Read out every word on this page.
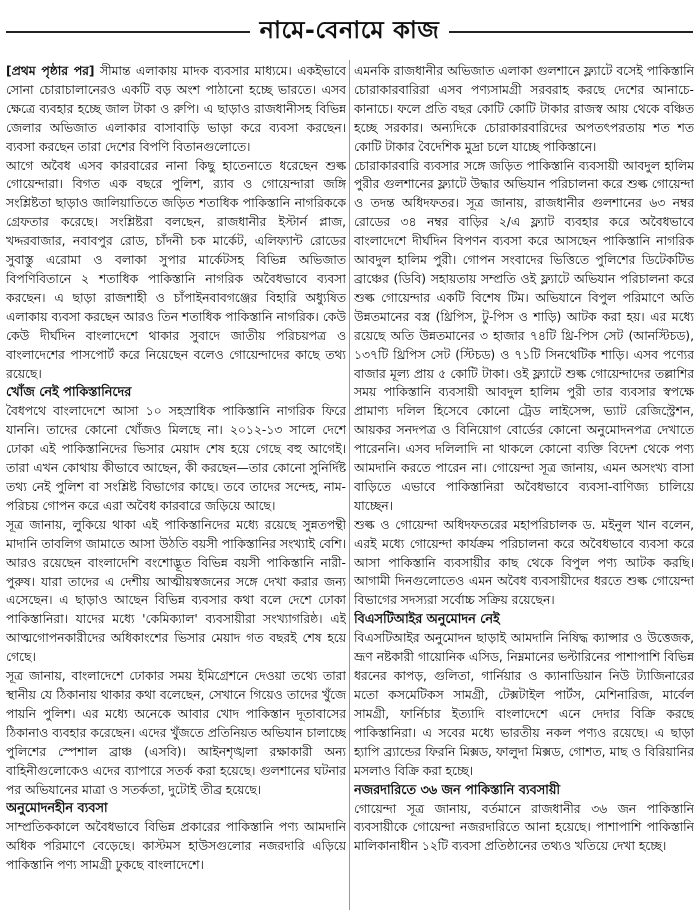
নামে-বেনামে কাজ

[প্রথম পৃষ্ঠার পর] সীমান্ত এলাকায় মাদক ব্যবসার মাধ্যমে। একইভাবে সোনা চোরাচালানেরও একটি বড় অংশ পাঠানো হচ্ছে ভারতে। এসব ক্ষেত্রে ব্যবহার হচ্ছে জাল টাকা ও রুপি। এ ছাড়াও রাজধানীসহ বিভিন্ন জেলার অভিজাত এলাকার বাসাবাড়ি ভাড়া করে ব্যবসা করছেন। ব্যবসা করছেন তারা দেশের বিপণি বিতানগুলোতে।

আগে অবৈধ এসব কারবারের নানা কিছু হাতেনাতে ধরেছেন শুল্ক গোয়েন্দারা। বিগত এক বছরে পুলিশ, র‌্যাব ও গোয়েন্দারা জঙ্গি সংশ্লিষ্টতা ছাড়াও জালিয়াতিতে জড়িত শতাধিক পাকিস্তানি নাগরিককে গ্রেফতার করেছে। সংশ্লিষ্টরা বলছেন, রাজধানীর ইস্টার্ন প্লাজ, খদ্দরবাজার, নবাবপুর রোড, চাঁদনী চক মার্কেট, এলিফ্যান্ট রোডের সুবাস্তু এরোমা ও বলাকা সুপার মার্কেটসহ বিভিন্ন অভিজাত বিপণিবিতানে ২ শতাধিক পাকিস্তানি নাগরিক অবৈধভাবে ব্যবসা করছেন। এ ছাড়া রাজশাহী ও চাঁপাইনবাবগঞ্জের বিহারি অধ্যুষিত এলাকায় ব্যবসা করছেন আরও তিন শতাধিক পাকিস্তানি নাগরিক। কেউ কেউ দীর্ঘদিন বাংলাদেশে থাকার সুবাদে জাতীয় পরিচয়পত্র ও বাংলাদেশের পাসপোর্ট করে নিয়েছেন বলেও গোয়েন্দাদের কাছে তথ্য রয়েছে।

খোঁজ নেই পাকিস্তানিদের

বৈধপথে বাংলাদেশে আসা ১০ সহস্রাধিক পাকিস্তানি নাগরিক ফিরে যাননি। তাদের কোনো খোঁজও মিলছে না। ২০১২-১৩ সালে দেশে ঢোকা এই পাকিস্তানিদের ভিসার মেয়াদ শেষ হয়ে গেছে বহু আগেই। তারা এখন কোথায় কীভাবে আছেন, কী করছেন—তার কোনো সুনির্দিষ্ট তথ্য নেই পুলিশ বা সংশ্লিষ্ট বিভাগের কাছে। তবে তাদের সন্দেহ, নাম-পরিচয় গোপন করে এরা অবৈধ কারবারে জড়িয়ে আছে।

সূত্র জানায়, লুকিয়ে থাকা এই পাকিস্তানিদের মধ্যে রয়েছে সুন্নতপন্থী মাদানি তাবলিগ জামাতে আসা উঠতি বয়সী পাকিস্তানির সংখ্যাই বেশি। আরও রয়েছেন বাংলাদেশি বংশোদ্ভূত বিভিন্ন বয়সী পাকিস্তানি নারী-পুরুষ। যারা তাদের এ দেশীয় আত্মীয়স্বজনের সঙ্গে দেখা করার জন্য এসেছেন। এ ছাড়াও আছেন বিভিন্ন ব্যবসার কথা বলে দেশে ঢোকা পাকিস্তানিরা। যাদের মধ্যে 'কেমিক্যাল' ব্যবসায়ীরা সংখ্যাগরিষ্ঠ। এই আত্মগোপনকারীদের অধিকাংশের ভিসার মেয়াদ গত বছরই শেষ হয়ে গেছে।

সূত্র জানায়, বাংলাদেশে ঢোকার সময় ইমিগ্রেশনে দেওয়া তথ্যে তারা স্থানীয় যে ঠিকানায় থাকার কথা বলেছেন, সেখানে গিয়েও তাদের খুঁজে পায়নি পুলিশ। এর মধ্যে অনেকে আবার খোদ পাকিস্তান দূতাবাসের ঠিকানাও ব্যবহার করেছেন। এদের খুঁজতে প্রতিনিয়ত অভিযান চালাচ্ছে পুলিশের স্পেশাল ব্রাঞ্চ (এসবি)। আইনশৃঙ্খলা রক্ষাকারী অন্য বাহিনীগুলোকেও এদের ব্যাপারে সতর্ক করা হয়েছে। গুলশানের ঘটনার পর অভিযানের মাত্রা ও সতর্কতা, দুটোই তীব্র হয়েছে।

অনুমোদনহীন ব্যবসা

সাম্প্রতিককালে অবৈধভাবে বিভিন্ন প্রকারের পাকিস্তানি পণ্য আমদানি অধিক পরিমাণে বেড়েছে। কাস্টমস হাউসগুলোর নজরদারি এড়িয়ে পাকিস্তানি পণ্য সামগ্রী ঢুকছে বাংলাদেশে।

এমনকি রাজধানীর অভিজাত এলাকা গুলশানে ফ্ল্যাটে বসেই পাকিস্তানি চোরাকারবারিরা এসব পণ্যসামগ্রী সরবরাহ করছে দেশের আনাচে-কানাচে। ফলে প্রতি বছর কোটি কোটি টাকার রাজস্ব আয় থেকে বঞ্চিত হচ্ছে সরকার। অন্যদিকে চোরাকারবারিদের অপতৎপরতায় শত শত কোটি টাকার বৈদেশিক মুদ্রা চলে যাচ্ছে পাকিস্তানে।

চোরাকারবারি ব্যবসার সঙ্গে জড়িত পাকিস্তানি ব্যবসায়ী আবদুল হালিম পুরীর গুলশানের ফ্ল্যাটে উদ্ধার অভিযান পরিচালনা করে শুল্ক গোয়েন্দা ও তদন্ত অধিদফতর। সূত্র জানায়, রাজধানীর গুলশানের ৬৩ নম্বর রোডের ৩৪ নম্বর বাড়ির ২/এ ফ্ল্যাট ব্যবহার করে অবৈধভাবে বাংলাদেশে দীর্ঘদিন বিপণন ব্যবসা করে আসছেন পাকিস্তানি নাগরিক আবদুল হালিম পুরী। গোপন সংবাদের ভিত্তিতে পুলিশের ডিটেকটিভ ব্রাঞ্চের (ডিবি) সহায়তায় সম্প্রতি ওই ফ্ল্যাটে অভিযান পরিচালনা করে শুল্ক গোয়েন্দার একটি বিশেষ টিম। অভিযানে বিপুল পরিমাণে অতি উন্নতমানের বস্ত্র (থ্রিপিস, টু-পিস ও শাড়ি) আটক করা হয়। এর মধ্যে রয়েছে অতি উন্নতমানের ৩ হাজার ৭৪টি থ্রি-পিস সেট (আনস্টিচড), ১৩৭টি থ্রিপিস সেট (স্টিচড) ও ৭১টি সিনথেটিক শাড়ি। এসব পণ্যের বাজার মূল্য প্রায় ৫ কোটি টাকা। ওই ফ্ল্যাটে শুল্ক গোয়েন্দাদের তল্লাশির সময় পাকিস্তানি ব্যবসায়ী আবদুল হালিম পুরী তার ব্যবসার স্বপক্ষে প্রামাণ্য দলিল হিসেবে কোনো ট্রেড লাইসেন্স, ভ্যাট রেজিস্ট্রেশন, আয়কর সনদপত্র ও বিনিয়োগ বোর্ডের কোনো অনুমোদনপত্র দেখাতে পারেননি। এসব দলিলাদি না থাকলে কোনো ব্যক্তি বিদেশ থেকে পণ্য আমদানি করতে পারেন না। গোয়েন্দা সূত্র জানায়, এমন অসংখ্য বাসা বাড়িতে এভাবে পাকিস্তানিরা অবৈধভাবে ব্যবসা-বাণিজ্য চালিয়ে যাচ্ছেন।

শুল্ক ও গোয়েন্দা অধিদফতরের মহাপরিচালক ড. মইনুল খান বলেন, এরই মধ্যে গোয়েন্দা কার্যক্রম পরিচালনা করে অবৈধভাবে ব্যবসা করে আসা পাকিস্তানি ব্যবসায়ীর কাছ থেকে বিপুল পণ্য আটক করছি। আগামী দিনগুলোতেও এমন অবৈধ ব্যবসায়ীদের ধরতে শুল্ক গোয়েন্দা বিভাগের সদস্যরা সর্বোচ্চ সক্রিয় রয়েছেন।

বিএসটিআইর অনুমোদন নেই

বিএসটিআইর অনুমোদন ছাড়াই আমদানি নিষিদ্ধ ক্যান্সার ও উত্তেজক, ভ্রূণ নষ্টকারী গায়োনিক এসিড, নিম্নমানের ভল্টারিনের পাশাপাশি বিভিন্ন ধরনের কাপড়, গুলিতা, গার্নিয়ার ও ক্যানাডিয়ান নিউ ট্যাজিনারের মতো কসমেটিকস সামগ্রী, টেক্সটাইল পার্টস, মেশিনারিজ, মার্বেল সামগ্রী, ফার্নিচার ইত্যাদি বাংলাদেশে এনে দেদার বিক্রি করছে পাকিস্তানিরা। এ সবের মধ্যে ভারতীয় নকল পণ্যও রয়েছে। এ ছাড়া হ্যাপি ব্র্যান্ডের ফিরনি মিক্সড, ফালুদা মিক্সড, গোশত, মাছ ও বিরিয়ানির মসলাও বিক্রি করা হচ্ছে।

নজরদারিতে ৩৬ জন পাকিস্তানি ব্যবসায়ী

গোয়েন্দা সূত্র জানায়, বর্তমানে রাজধানীর ৩৬ জন পাকিস্তানি ব্যবসায়ীকে গোয়েন্দা নজরদারিতে আনা হয়েছে। পাশাপাশি পাকিস্তানি মালিকানাধীন ১২টি ব্যবসা প্রতিষ্ঠানের তথ্যও খতিয়ে দেখা হচ্ছে।
